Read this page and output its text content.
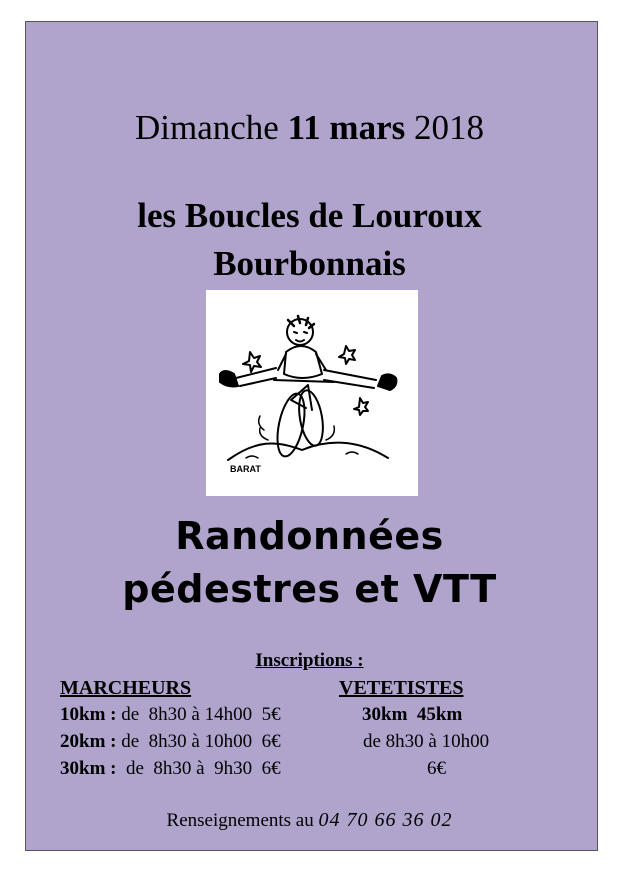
Dimanche 11 mars 2018
les Boucles de Louroux
Bourbonnais
BARAT
Randonnées
pédestres et VTT
Inscriptions :
MARCHEURS	VETETISTES
10km : de  8h30 à 14h00  5€
20km : de  8h30 à 10h00  6€
30km :  de  8h30 à  9h30  6€
30km  45km
de 8h30 à 10h00
6€
Renseignements au 04 70 66 36 02
